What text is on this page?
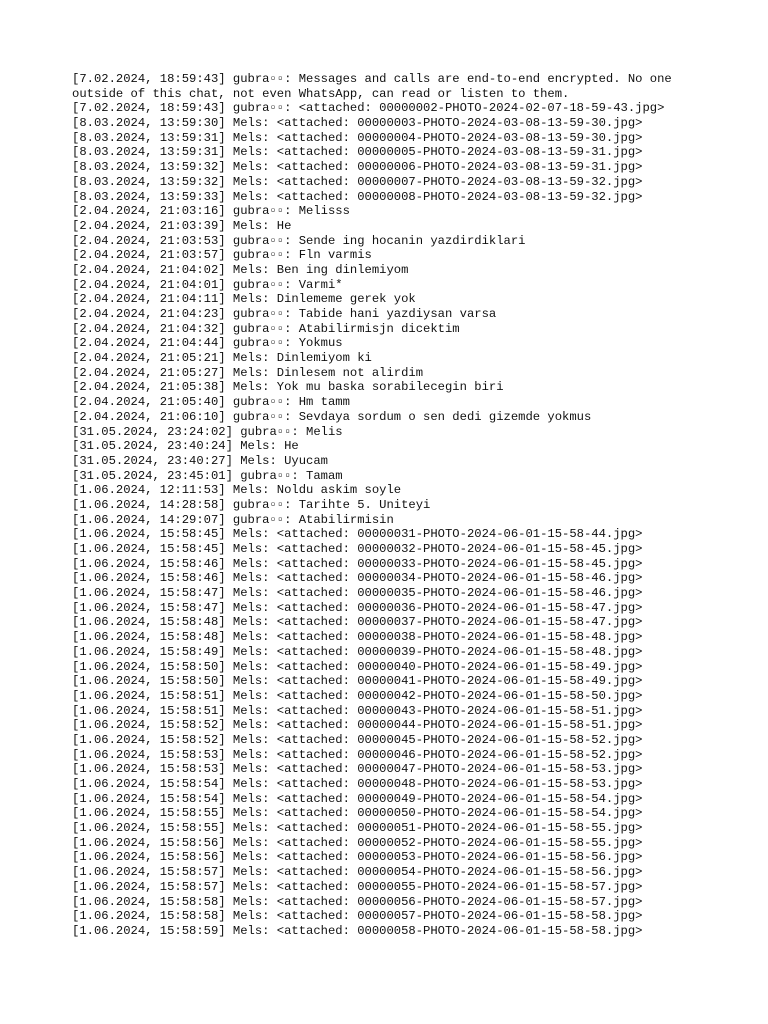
[7.02.2024, 18:59:43] gubra▫▫: Messages and calls are end-to-end encrypted. No one
outside of this chat, not even WhatsApp, can read or listen to them.
[7.02.2024, 18:59:43] gubra▫▫: <attached: 00000002-PHOTO-2024-02-07-18-59-43.jpg>
[8.03.2024, 13:59:30] Mels: <attached: 00000003-PHOTO-2024-03-08-13-59-30.jpg>
[8.03.2024, 13:59:31] Mels: <attached: 00000004-PHOTO-2024-03-08-13-59-30.jpg>
[8.03.2024, 13:59:31] Mels: <attached: 00000005-PHOTO-2024-03-08-13-59-31.jpg>
[8.03.2024, 13:59:32] Mels: <attached: 00000006-PHOTO-2024-03-08-13-59-31.jpg>
[8.03.2024, 13:59:32] Mels: <attached: 00000007-PHOTO-2024-03-08-13-59-32.jpg>
[8.03.2024, 13:59:33] Mels: <attached: 00000008-PHOTO-2024-03-08-13-59-32.jpg>
[2.04.2024, 21:03:16] gubra▫▫: Melisss
[2.04.2024, 21:03:39] Mels: He
[2.04.2024, 21:03:53] gubra▫▫: Sende ing hocanin yazdirdiklari
[2.04.2024, 21:03:57] gubra▫▫: Fln varmis
[2.04.2024, 21:04:02] Mels: Ben ing dinlemiyom
[2.04.2024, 21:04:01] gubra▫▫: Varmi*
[2.04.2024, 21:04:11] Mels: Dinlememe gerek yok
[2.04.2024, 21:04:23] gubra▫▫: Tabide hani yazdiysan varsa
[2.04.2024, 21:04:32] gubra▫▫: Atabilirmisjn dicektim
[2.04.2024, 21:04:44] gubra▫▫: Yokmus
[2.04.2024, 21:05:21] Mels: Dinlemiyom ki
[2.04.2024, 21:05:27] Mels: Dinlesem not alirdim
[2.04.2024, 21:05:38] Mels: Yok mu baska sorabilecegin biri
[2.04.2024, 21:05:40] gubra▫▫: Hm tamm
[2.04.2024, 21:06:10] gubra▫▫: Sevdaya sordum o sen dedi gizemde yokmus
[31.05.2024, 23:24:02] gubra▫▫: Melis
[31.05.2024, 23:40:24] Mels: He
[31.05.2024, 23:40:27] Mels: Uyucam
[31.05.2024, 23:45:01] gubra▫▫: Tamam
[1.06.2024, 12:11:53] Mels: Noldu askim soyle
[1.06.2024, 14:28:58] gubra▫▫: Tarihte 5. Uniteyi
[1.06.2024, 14:29:07] gubra▫▫: Atabilirmisin
[1.06.2024, 15:58:45] Mels: <attached: 00000031-PHOTO-2024-06-01-15-58-44.jpg>
[1.06.2024, 15:58:45] Mels: <attached: 00000032-PHOTO-2024-06-01-15-58-45.jpg>
[1.06.2024, 15:58:46] Mels: <attached: 00000033-PHOTO-2024-06-01-15-58-45.jpg>
[1.06.2024, 15:58:46] Mels: <attached: 00000034-PHOTO-2024-06-01-15-58-46.jpg>
[1.06.2024, 15:58:47] Mels: <attached: 00000035-PHOTO-2024-06-01-15-58-46.jpg>
[1.06.2024, 15:58:47] Mels: <attached: 00000036-PHOTO-2024-06-01-15-58-47.jpg>
[1.06.2024, 15:58:48] Mels: <attached: 00000037-PHOTO-2024-06-01-15-58-47.jpg>
[1.06.2024, 15:58:48] Mels: <attached: 00000038-PHOTO-2024-06-01-15-58-48.jpg>
[1.06.2024, 15:58:49] Mels: <attached: 00000039-PHOTO-2024-06-01-15-58-48.jpg>
[1.06.2024, 15:58:50] Mels: <attached: 00000040-PHOTO-2024-06-01-15-58-49.jpg>
[1.06.2024, 15:58:50] Mels: <attached: 00000041-PHOTO-2024-06-01-15-58-49.jpg>
[1.06.2024, 15:58:51] Mels: <attached: 00000042-PHOTO-2024-06-01-15-58-50.jpg>
[1.06.2024, 15:58:51] Mels: <attached: 00000043-PHOTO-2024-06-01-15-58-51.jpg>
[1.06.2024, 15:58:52] Mels: <attached: 00000044-PHOTO-2024-06-01-15-58-51.jpg>
[1.06.2024, 15:58:52] Mels: <attached: 00000045-PHOTO-2024-06-01-15-58-52.jpg>
[1.06.2024, 15:58:53] Mels: <attached: 00000046-PHOTO-2024-06-01-15-58-52.jpg>
[1.06.2024, 15:58:53] Mels: <attached: 00000047-PHOTO-2024-06-01-15-58-53.jpg>
[1.06.2024, 15:58:54] Mels: <attached: 00000048-PHOTO-2024-06-01-15-58-53.jpg>
[1.06.2024, 15:58:54] Mels: <attached: 00000049-PHOTO-2024-06-01-15-58-54.jpg>
[1.06.2024, 15:58:55] Mels: <attached: 00000050-PHOTO-2024-06-01-15-58-54.jpg>
[1.06.2024, 15:58:55] Mels: <attached: 00000051-PHOTO-2024-06-01-15-58-55.jpg>
[1.06.2024, 15:58:56] Mels: <attached: 00000052-PHOTO-2024-06-01-15-58-55.jpg>
[1.06.2024, 15:58:56] Mels: <attached: 00000053-PHOTO-2024-06-01-15-58-56.jpg>
[1.06.2024, 15:58:57] Mels: <attached: 00000054-PHOTO-2024-06-01-15-58-56.jpg>
[1.06.2024, 15:58:57] Mels: <attached: 00000055-PHOTO-2024-06-01-15-58-57.jpg>
[1.06.2024, 15:58:58] Mels: <attached: 00000056-PHOTO-2024-06-01-15-58-57.jpg>
[1.06.2024, 15:58:58] Mels: <attached: 00000057-PHOTO-2024-06-01-15-58-58.jpg>
[1.06.2024, 15:58:59] Mels: <attached: 00000058-PHOTO-2024-06-01-15-58-58.jpg>
